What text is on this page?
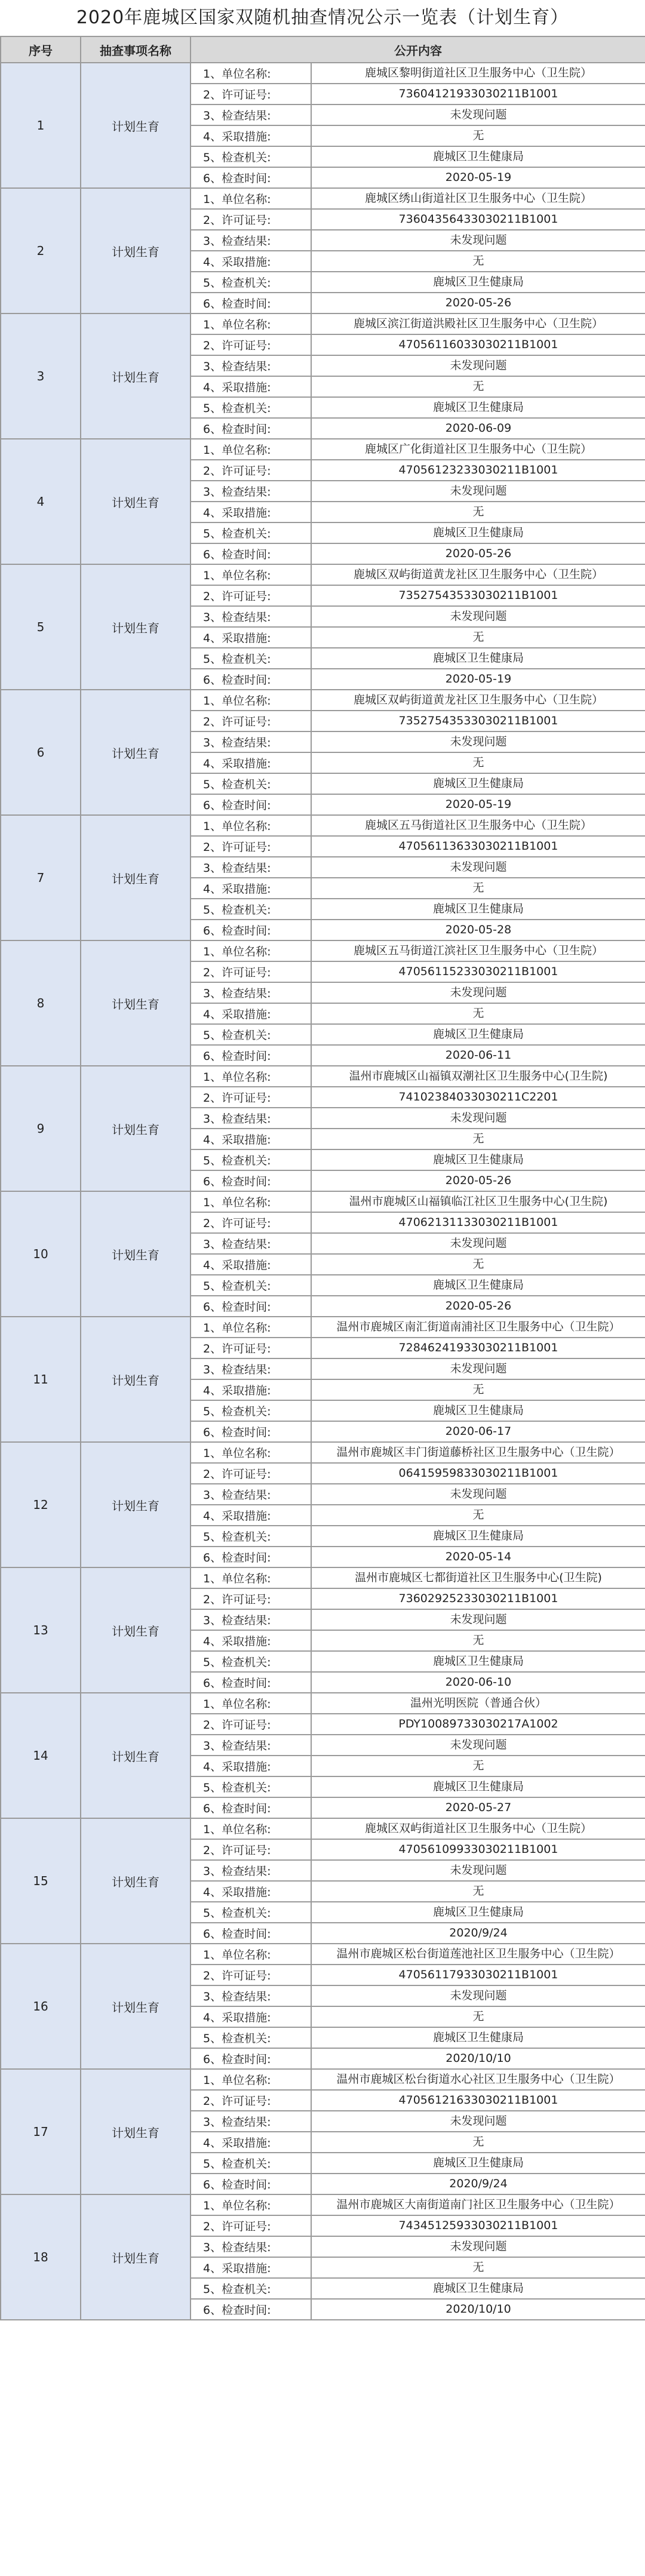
2020年鹿城区国家双随机抽查情况公示一览表（计划生育）
序号	抽查事项名称	公开内容	
1	计划生育	1、单位名称:	鹿城区黎明街道社区卫生服务中心（卫生院）
		2、许可证号:	73604121933030211B1001
		3、检查结果:	未发现问题
		4、采取措施:	无
		5、检查机关:	鹿城区卫生健康局
		6、检查时间:	2020-05-19
2	计划生育	1、单位名称:	鹿城区绣山街道社区卫生服务中心（卫生院）
		2、许可证号:	73604356433030211B1001
		3、检查结果:	未发现问题
		4、采取措施:	无
		5、检查机关:	鹿城区卫生健康局
		6、检查时间:	2020-05-26
3	计划生育	1、单位名称:	鹿城区滨江街道洪殿社区卫生服务中心（卫生院）
		2、许可证号:	47056116033030211B1001
		3、检查结果:	未发现问题
		4、采取措施:	无
		5、检查机关:	鹿城区卫生健康局
		6、检查时间:	2020-06-09
4	计划生育	1、单位名称:	鹿城区广化街道社区卫生服务中心（卫生院）
		2、许可证号:	47056123233030211B1001
		3、检查结果:	未发现问题
		4、采取措施:	无
		5、检查机关:	鹿城区卫生健康局
		6、检查时间:	2020-05-26
5	计划生育	1、单位名称:	鹿城区双屿街道黄龙社区卫生服务中心（卫生院）
		2、许可证号:	73527543533030211B1001
		3、检查结果:	未发现问题
		4、采取措施:	无
		5、检查机关:	鹿城区卫生健康局
		6、检查时间:	2020-05-19
6	计划生育	1、单位名称:	鹿城区双屿街道黄龙社区卫生服务中心（卫生院）
		2、许可证号:	73527543533030211B1001
		3、检查结果:	未发现问题
		4、采取措施:	无
		5、检查机关:	鹿城区卫生健康局
		6、检查时间:	2020-05-19
7	计划生育	1、单位名称:	鹿城区五马街道社区卫生服务中心（卫生院）
		2、许可证号:	47056113633030211B1001
		3、检查结果:	未发现问题
		4、采取措施:	无
		5、检查机关:	鹿城区卫生健康局
		6、检查时间:	2020-05-28
8	计划生育	1、单位名称:	鹿城区五马街道江滨社区卫生服务中心（卫生院）
		2、许可证号:	47056115233030211B1001
		3、检查结果:	未发现问题
		4、采取措施:	无
		5、检查机关:	鹿城区卫生健康局
		6、检查时间:	2020-06-11
9	计划生育	1、单位名称:	温州市鹿城区山福镇双潮社区卫生服务中心(卫生院)
		2、许可证号:	74102384033030211C2201
		3、检查结果:	未发现问题
		4、采取措施:	无
		5、检查机关:	鹿城区卫生健康局
		6、检查时间:	2020-05-26
10	计划生育	1、单位名称:	温州市鹿城区山福镇临江社区卫生服务中心(卫生院)
		2、许可证号:	47062131133030211B1001
		3、检查结果:	未发现问题
		4、采取措施:	无
		5、检查机关:	鹿城区卫生健康局
		6、检查时间:	2020-05-26
11	计划生育	1、单位名称:	温州市鹿城区南汇街道南浦社区卫生服务中心（卫生院）
		2、许可证号:	72846241933030211B1001
		3、检查结果:	未发现问题
		4、采取措施:	无
		5、检查机关:	鹿城区卫生健康局
		6、检查时间:	2020-06-17
12	计划生育	1、单位名称:	温州市鹿城区丰门街道藤桥社区卫生服务中心（卫生院）
		2、许可证号:	06415959833030211B1001
		3、检查结果:	未发现问题
		4、采取措施:	无
		5、检查机关:	鹿城区卫生健康局
		6、检查时间:	2020-05-14
13	计划生育	1、单位名称:	温州市鹿城区七都街道社区卫生服务中心(卫生院)
		2、许可证号:	73602925233030211B1001
		3、检查结果:	未发现问题
		4、采取措施:	无
		5、检查机关:	鹿城区卫生健康局
		6、检查时间:	2020-06-10
14	计划生育	1、单位名称:	温州光明医院（普通合伙）
		2、许可证号:	PDY10089733030217A1002
		3、检查结果:	未发现问题
		4、采取措施:	无
		5、检查机关:	鹿城区卫生健康局
		6、检查时间:	2020-05-27
15	计划生育	1、单位名称:	鹿城区双屿街道社区卫生服务中心（卫生院）
		2、许可证号:	47056109933030211B1001
		3、检查结果:	未发现问题
		4、采取措施:	无
		5、检查机关:	鹿城区卫生健康局
		6、检查时间:	2020/9/24
16	计划生育	1、单位名称:	温州市鹿城区松台街道莲池社区卫生服务中心（卫生院）
		2、许可证号:	47056117933030211B1001
		3、检查结果:	未发现问题
		4、采取措施:	无
		5、检查机关:	鹿城区卫生健康局
		6、检查时间:	2020/10/10
17	计划生育	1、单位名称:	温州市鹿城区松台街道水心社区卫生服务中心（卫生院）
		2、许可证号:	47056121633030211B1001
		3、检查结果:	未发现问题
		4、采取措施:	无
		5、检查机关:	鹿城区卫生健康局
		6、检查时间:	2020/9/24
18	计划生育	1、单位名称:	温州市鹿城区大南街道南门社区卫生服务中心（卫生院）
		2、许可证号:	74345125933030211B1001
		3、检查结果:	未发现问题
		4、采取措施:	无
		5、检查机关:	鹿城区卫生健康局
		6、检查时间:	2020/10/10
